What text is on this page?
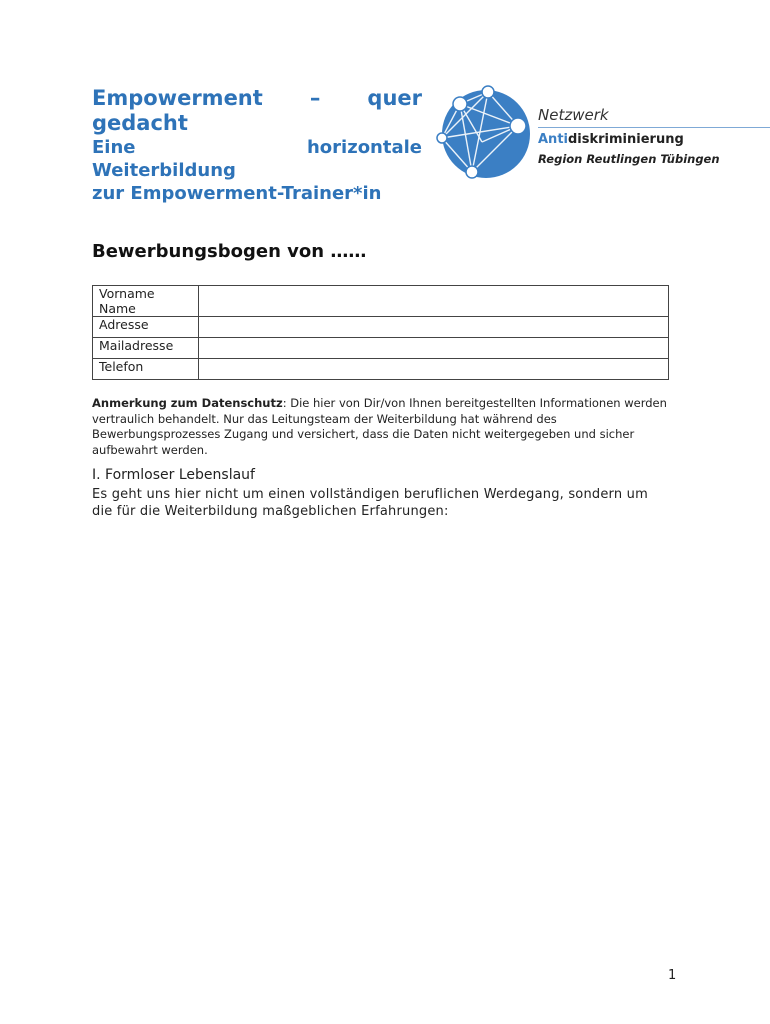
Empowerment – quer
gedacht
Eine	horizontale
Weiterbildung
zur Empowerment-Trainer*in
Netzwerk
Antidiskriminierung
Region Reutlingen Tübingen
Bewerbungsbogen von ……
Vorname
Name	

Adresse	
Mailadresse	
Telefon	
Anmerkung zum Datenschutz: Die hier von Dir/von Ihnen bereitgestellten Informationen werden vertraulich behandelt. Nur das Leitungsteam der Weiterbildung hat während des Bewerbungsprozesses Zugang und versichert, dass die Daten nicht weitergegeben und sicher aufbewahrt werden.
I. Formloser Lebenslauf
Es geht uns hier nicht um einen vollständigen beruflichen Werdegang, sondern um die für die Weiterbildung maßgeblichen Erfahrungen:
1
